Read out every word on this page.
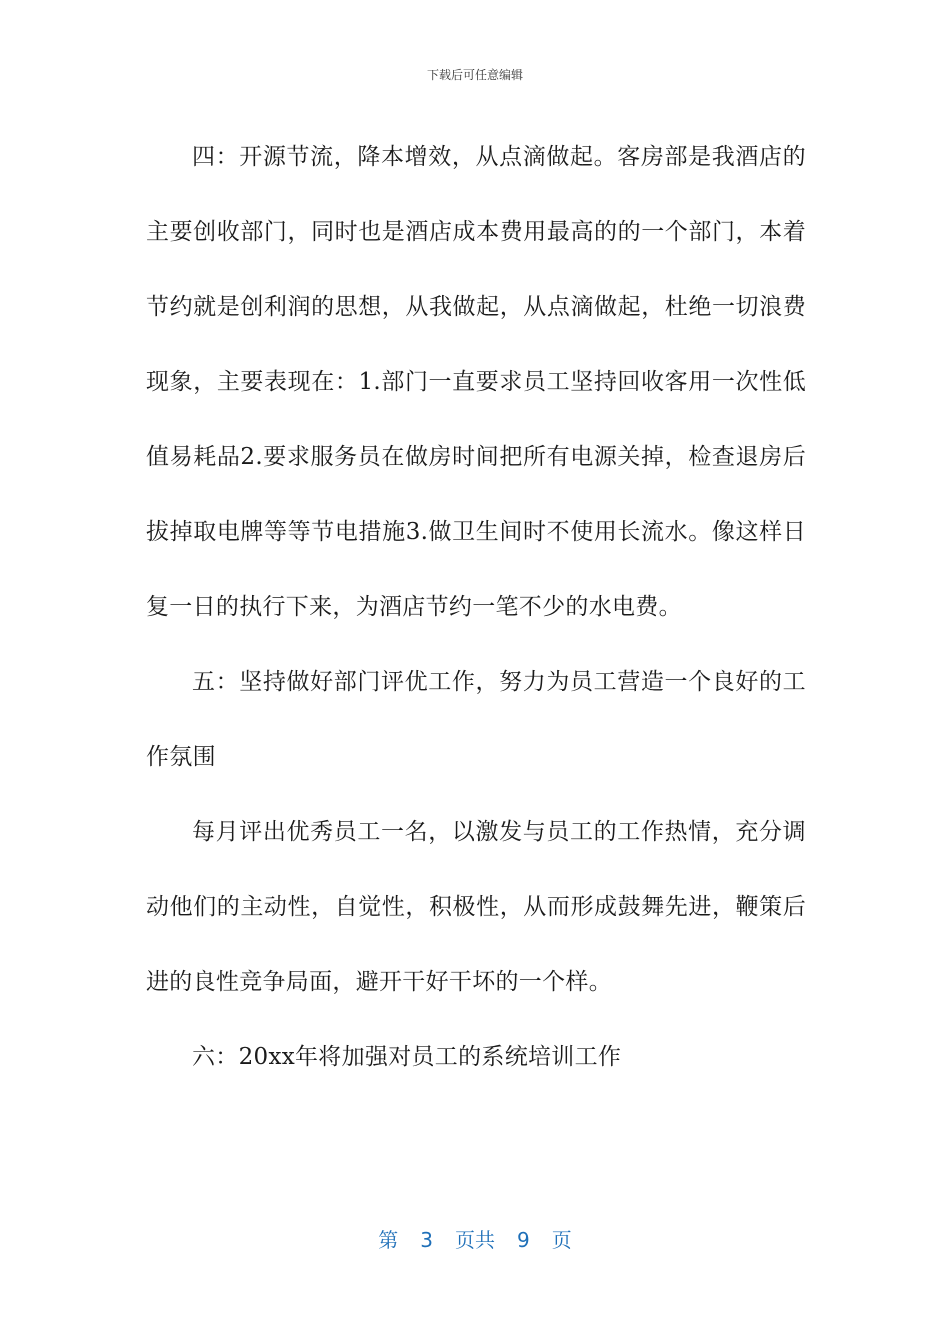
下载后可任意编辑

四：开源节流，降本增效，从点滴做起。客房部是我酒店的主要创收部门，同时也是酒店成本费用最高的的一个部门，本着节约就是创利润的思想，从我做起，从点滴做起，杜绝一切浪费现象，主要表现在：1.部门一直要求员工坚持回收客用一次性低值易耗品2.要求服务员在做房时间把所有电源关掉，检查退房后拔掉取电牌等等节电措施3.做卫生间时不使用长流水。像这样日复一日的执行下来，为酒店节约一笔不少的水电费。

五：坚持做好部门评优工作，努力为员工营造一个良好的工作氛围

每月评出优秀员工一名，以激发与员工的工作热情，充分调动他们的主动性，自觉性，积极性，从而形成鼓舞先进，鞭策后进的良性竞争局面，避开干好干坏的一个样。

六：20xx年将加强对员工的系统培训工作

第 3 页共 9 页
